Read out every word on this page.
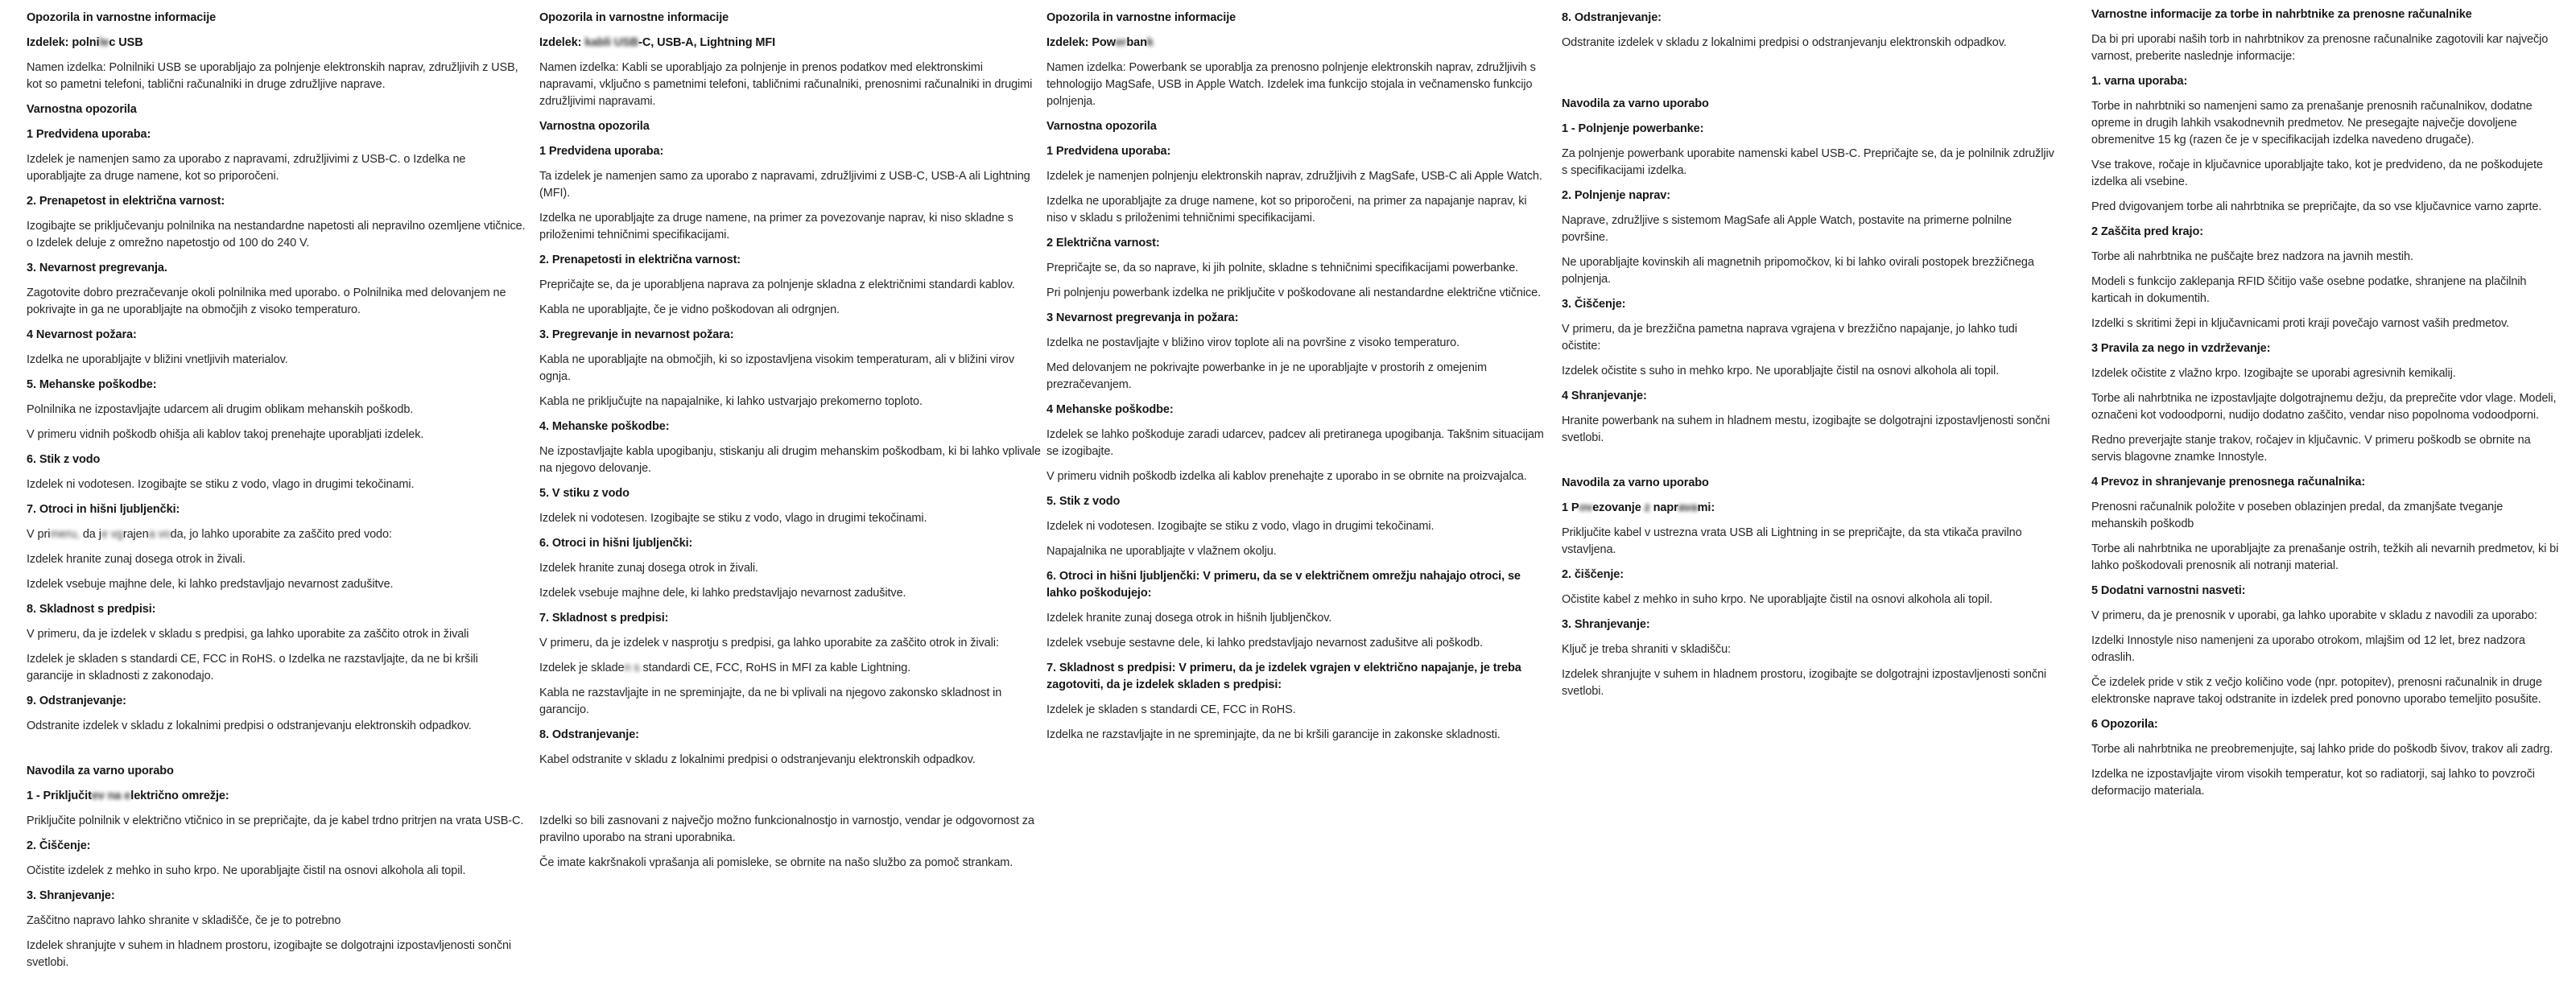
Opozorila in varnostne informacije
Izdelek: polnilec USB
Namen izdelka: Polnilniki USB se uporabljajo za polnjenje elektronskih naprav, združljivih z USB, kot so pametni telefoni, tablični računalniki in druge združljive naprave.
Varnostna opozorila
1 Predvidena uporaba:
Izdelek je namenjen samo za uporabo z napravami, združljivimi z USB-C. o Izdelka ne uporabljajte za druge namene, kot so priporočeni.
2. Prenapetost in električna varnost:
Izogibajte se priključevanju polnilnika na nestandardne napetosti ali nepravilno ozemljene vtičnice. o Izdelek deluje z omrežno napetostjo od 100 do 240 V.
3. Nevarnost pregrevanja.
Zagotovite dobro prezračevanje okoli polnilnika med uporabo. o Polnilnika med delovanjem ne pokrivajte in ga ne uporabljajte na območjih z visoko temperaturo.
4 Nevarnost požara:
Izdelka ne uporabljajte v bližini vnetljivih materialov.
5. Mehanske poškodbe:
Polnilnika ne izpostavljajte udarcem ali drugim oblikam mehanskih poškodb.
V primeru vidnih poškodb ohišja ali kablov takoj prenehajte uporabljati izdelek.
6. Stik z vodo
Izdelek ni vodotesen. Izogibajte se stiku z vodo, vlago in drugimi tekočinami.
7. Otroci in hišni ljubljenčki:
V primeru, da je vgrajena voda, jo lahko uporabite za zaščito pred vodo:
Izdelek hranite zunaj dosega otrok in živali.
Izdelek vsebuje majhne dele, ki lahko predstavljajo nevarnost zadušitve.
8. Skladnost s predpisi:
V primeru, da je izdelek v skladu s predpisi, ga lahko uporabite za zaščito otrok in živali
Izdelek je skladen s standardi CE, FCC in RoHS. o Izdelka ne razstavljajte, da ne bi kršili garancije in skladnosti z zakonodajo.
9. Odstranjevanje:
Odstranite izdelek v skladu z lokalnimi predpisi o odstranjevanju elektronskih odpadkov.
Navodila za varno uporabo
1 - Priključitev na električno omrežje:
Priključite polnilnik v električno vtičnico in se prepričajte, da je kabel trdno pritrjen na vrata USB-C.
2. Čiščenje:
Očistite izdelek z mehko in suho krpo. Ne uporabljajte čistil na osnovi alkohola ali topil.
3. Shranjevanje:
Zaščitno napravo lahko shranite v skladišče, če je to potrebno
Izdelek shranjujte v suhem in hladnem prostoru, izogibajte se dolgotrajni izpostavljenosti sončni svetlobi.
Opozorila in varnostne informacije
Izdelek: kabli USB-C, USB-A, Lightning MFI
Namen izdelka: Kabli se uporabljajo za polnjenje in prenos podatkov med elektronskimi napravami, vključno s pametnimi telefoni, tabličnimi računalniki, prenosnimi računalniki in drugimi združljivimi napravami.
Varnostna opozorila
1 Predvidena uporaba:
Ta izdelek je namenjen samo za uporabo z napravami, združljivimi z USB-C, USB-A ali Lightning (MFI).
Izdelka ne uporabljajte za druge namene, na primer za povezovanje naprav, ki niso skladne s priloženimi tehničnimi specifikacijami.
2. Prenapetosti in električna varnost:
Prepričajte se, da je uporabljena naprava za polnjenje skladna z električnimi standardi kablov.
Kabla ne uporabljajte, če je vidno poškodovan ali odrgnjen.
3. Pregrevanje in nevarnost požara:
Kabla ne uporabljajte na območjih, ki so izpostavljena visokim temperaturam, ali v bližini virov ognja.
Kabla ne priključujte na napajalnike, ki lahko ustvarjajo prekomerno toploto.
4. Mehanske poškodbe:
Ne izpostavljajte kabla upogibanju, stiskanju ali drugim mehanskim poškodbam, ki bi lahko vplivale na njegovo delovanje.
5. V stiku z vodo
Izdelek ni vodotesen. Izogibajte se stiku z vodo, vlago in drugimi tekočinami.
6. Otroci in hišni ljubljenčki:
Izdelek hranite zunaj dosega otrok in živali.
Izdelek vsebuje majhne dele, ki lahko predstavljajo nevarnost zadušitve.
7. Skladnost s predpisi:
V primeru, da je izdelek v nasprotju s predpisi, ga lahko uporabite za zaščito otrok in živali:
Izdelek je skladen s standardi CE, FCC, RoHS in MFI za kable Lightning.
Kabla ne razstavljajte in ne spreminjajte, da ne bi vplivali na njegovo zakonsko skladnost in garancijo.
8. Odstranjevanje:
Kabel odstranite v skladu z lokalnimi predpisi o odstranjevanju elektronskih odpadkov.
Izdelki so bili zasnovani z največjo možno funkcionalnostjo in varnostjo, vendar je odgovornost za pravilno uporabo na strani uporabnika.
Če imate kakršnakoli vprašanja ali pomisleke, se obrnite na našo službo za pomoč strankam.
Opozorila in varnostne informacije
Izdelek: Powerbank
Namen izdelka: Powerbank se uporablja za prenosno polnjenje elektronskih naprav, združljivih s tehnologijo MagSafe, USB in Apple Watch. Izdelek ima funkcijo stojala in večnamensko funkcijo polnjenja.
Varnostna opozorila
1 Predvidena uporaba:
Izdelek je namenjen polnjenju elektronskih naprav, združljivih z MagSafe, USB-C ali Apple Watch.
Izdelka ne uporabljajte za druge namene, kot so priporočeni, na primer za napajanje naprav, ki niso v skladu s priloženimi tehničnimi specifikacijami.
2 Električna varnost:
Prepričajte se, da so naprave, ki jih polnite, skladne s tehničnimi specifikacijami powerbanke.
Pri polnjenju powerbank izdelka ne priključite v poškodovane ali nestandardne električne vtičnice.
3 Nevarnost pregrevanja in požara:
Izdelka ne postavljajte v bližino virov toplote ali na površine z visoko temperaturo.
Med delovanjem ne pokrivajte powerbanke in je ne uporabljajte v prostorih z omejenim prezračevanjem.
4 Mehanske poškodbe:
Izdelek se lahko poškoduje zaradi udarcev, padcev ali pretiranega upogibanja. Takšnim situacijam se izogibajte.
V primeru vidnih poškodb izdelka ali kablov prenehajte z uporabo in se obrnite na proizvajalca.
5. Stik z vodo
Izdelek ni vodotesen. Izogibajte se stiku z vodo, vlago in drugimi tekočinami.
Napajalnika ne uporabljajte v vlažnem okolju.
6. Otroci in hišni ljubljenčki: V primeru, da se v električnem omrežju nahajajo otroci, se lahko poškodujejo:
Izdelek hranite zunaj dosega otrok in hišnih ljubljenčkov.
Izdelek vsebuje sestavne dele, ki lahko predstavljajo nevarnost zadušitve ali poškodb.
7. Skladnost s predpisi: V primeru, da je izdelek vgrajen v električno napajanje, je treba zagotoviti, da je izdelek skladen s predpisi:
Izdelek je skladen s standardi CE, FCC in RoHS.
Izdelka ne razstavljajte in ne spreminjajte, da ne bi kršili garancije in zakonske skladnosti.
8. Odstranjevanje:
Odstranite izdelek v skladu z lokalnimi predpisi o odstranjevanju elektronskih odpadkov.
Navodila za varno uporabo
1 - Polnjenje powerbanke:
Za polnjenje powerbank uporabite namenski kabel USB-C. Prepričajte se, da je polnilnik združljiv s specifikacijami izdelka.
2. Polnjenje naprav:
Naprave, združljive s sistemom MagSafe ali Apple Watch, postavite na primerne polnilne površine.
Ne uporabljajte kovinskih ali magnetnih pripomočkov, ki bi lahko ovirali postopek brezžičnega polnjenja.
3. Čiščenje:
V primeru, da je brezžična pametna naprava vgrajena v brezžično napajanje, jo lahko tudi očistite:
Izdelek očistite s suho in mehko krpo. Ne uporabljajte čistil na osnovi alkohola ali topil.
4 Shranjevanje:
Hranite powerbank na suhem in hladnem mestu, izogibajte se dolgotrajni izpostavljenosti sončni svetlobi.
Navodila za varno uporabo
1 Povezovanje z napravami:
Priključite kabel v ustrezna vrata USB ali Lightning in se prepričajte, da sta vtikača pravilno vstavljena.
2. čiščenje:
Očistite kabel z mehko in suho krpo. Ne uporabljajte čistil na osnovi alkohola ali topil.
3. Shranjevanje:
Ključ je treba shraniti v skladišču:
Izdelek shranjujte v suhem in hladnem prostoru, izogibajte se dolgotrajni izpostavljenosti sončni svetlobi.
Varnostne informacije za torbe in nahrbtnike za prenosne računalnike
Da bi pri uporabi naših torb in nahrbtnikov za prenosne računalnike zagotovili kar največjo varnost, preberite naslednje informacije:
1. varna uporaba:
Torbe in nahrbtniki so namenjeni samo za prenašanje prenosnih računalnikov, dodatne opreme in drugih lahkih vsakodnevnih predmetov. Ne presegajte največje dovoljene obremenitve 15 kg (razen če je v specifikacijah izdelka navedeno drugače).
Vse trakove, ročaje in ključavnice uporabljajte tako, kot je predvideno, da ne poškodujete izdelka ali vsebine.
Pred dvigovanjem torbe ali nahrbtnika se prepričajte, da so vse ključavnice varno zaprte.
2 Zaščita pred krajo:
Torbe ali nahrbtnika ne puščajte brez nadzora na javnih mestih.
Modeli s funkcijo zaklepanja RFID ščitijo vaše osebne podatke, shranjene na plačilnih karticah in dokumentih.
Izdelki s skritimi žepi in ključavnicami proti kraji povečajo varnost vaših predmetov.
3 Pravila za nego in vzdrževanje:
Izdelek očistite z vlažno krpo. Izogibajte se uporabi agresivnih kemikalij.
Torbe ali nahrbtnika ne izpostavljajte dolgotrajnemu dežju, da preprečite vdor vlage. Modeli, označeni kot vodoodporni, nudijo dodatno zaščito, vendar niso popolnoma vodoodporni.
Redno preverjajte stanje trakov, ročajev in ključavnic. V primeru poškodb se obrnite na servis blagovne znamke Innostyle.
4 Prevoz in shranjevanje prenosnega računalnika:
Prenosni računalnik položite v poseben oblazinjen predal, da zmanjšate tveganje mehanskih poškodb
Torbe ali nahrbtnika ne uporabljajte za prenašanje ostrih, težkih ali nevarnih predmetov, ki bi lahko poškodovali prenosnik ali notranji material.
5 Dodatni varnostni nasveti:
V primeru, da je prenosnik v uporabi, ga lahko uporabite v skladu z navodili za uporabo:
Izdelki Innostyle niso namenjeni za uporabo otrokom, mlajšim od 12 let, brez nadzora odraslih.
Če izdelek pride v stik z večjo količino vode (npr. potopitev), prenosni računalnik in druge elektronske naprave takoj odstranite in izdelek pred ponovno uporabo temeljito posušite.
6 Opozorila:
Torbe ali nahrbtnika ne preobremenjujte, saj lahko pride do poškodb šivov, trakov ali zadrg.
Izdelka ne izpostavljajte virom visokih temperatur, kot so radiatorji, saj lahko to povzroči deformacijo materiala.
